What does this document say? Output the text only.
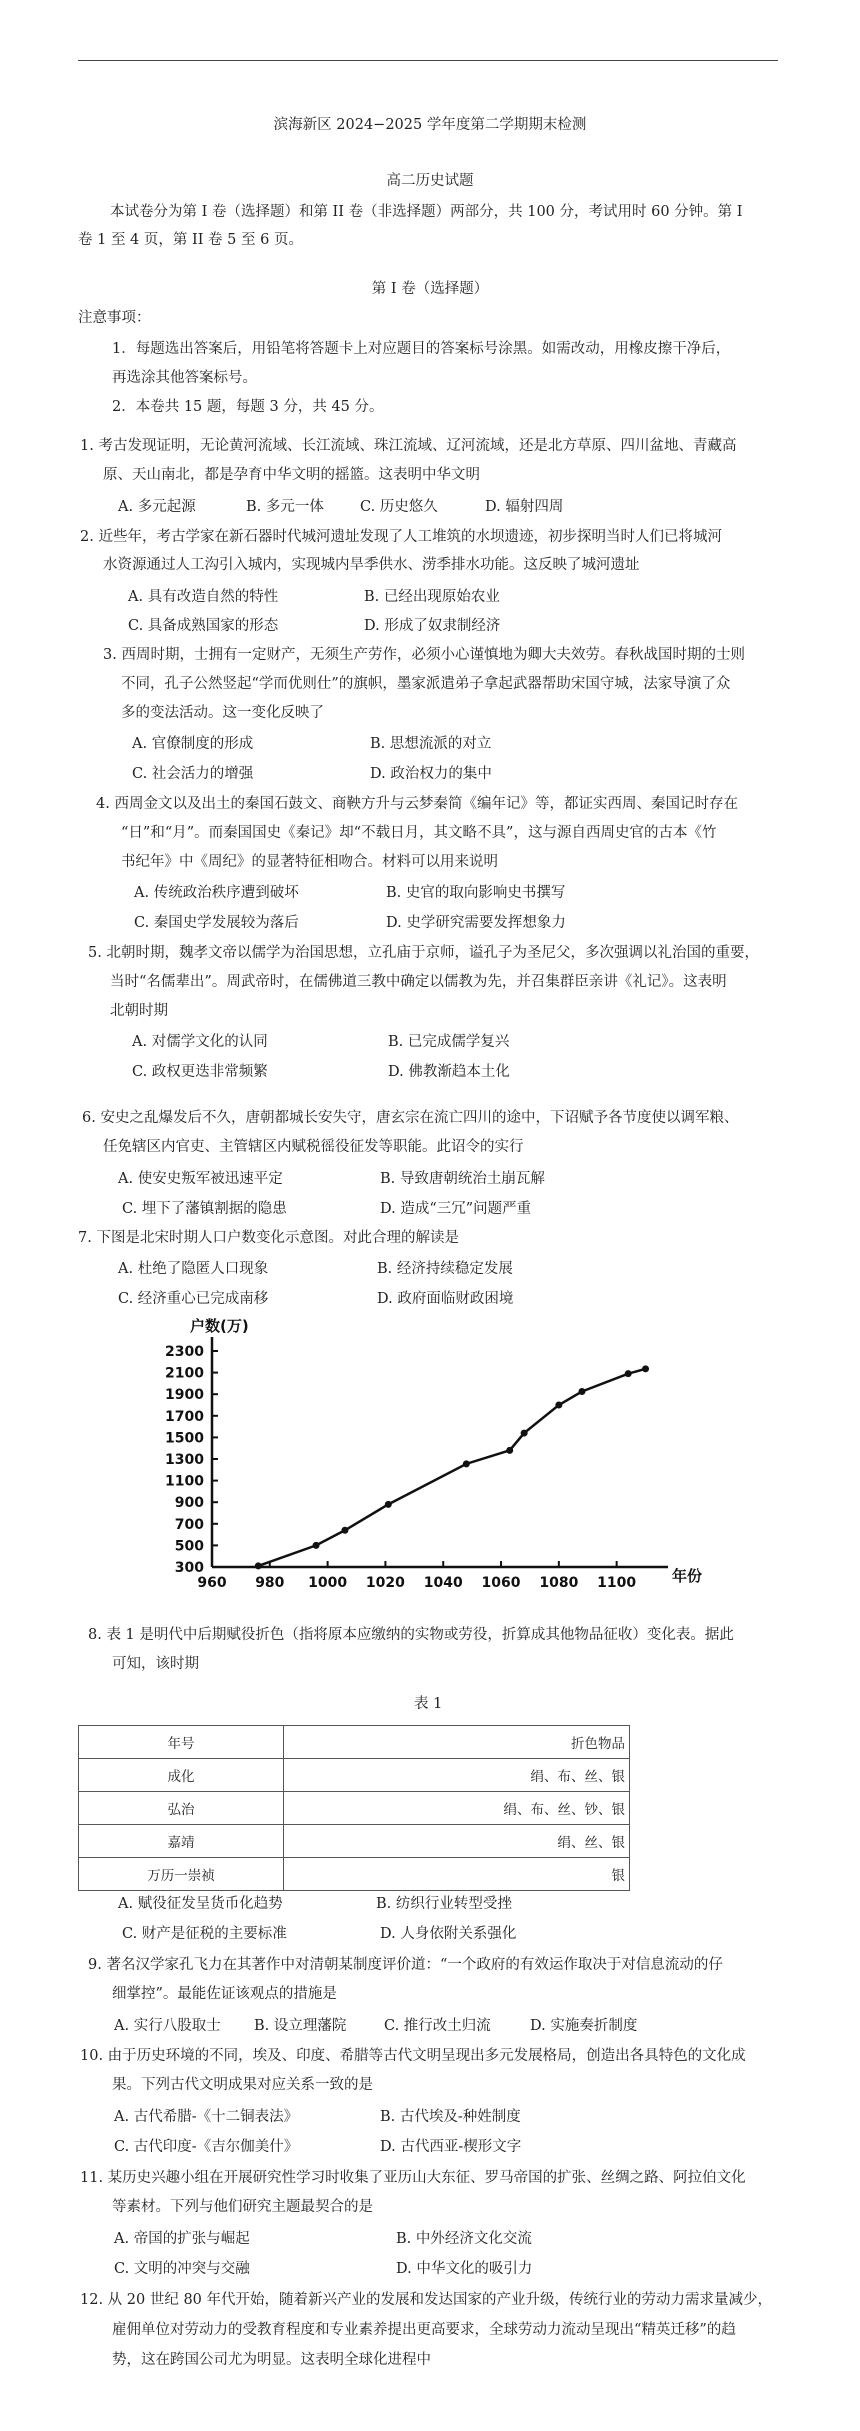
滨海新区 2024−2025 学年度第二学期期末检测
高二历史试题
本试卷分为第 I 卷（选择题）和第 II 卷（非选择题）两部分，共 100 分，考试用时 60 分钟。第 I
卷 1 至 4 页，第 II 卷 5 至 6 页。
第 I 卷（选择题）
注意事项：
1．每题选出答案后，用铅笔将答题卡上对应题目的答案标号涂黑。如需改动，用橡皮擦干净后，
再选涂其他答案标号。
2．本卷共 15 题，每题 3 分，共 45 分。
1. 考古发现证明，无论黄河流域、长江流域、珠江流域、辽河流域，还是北方草原、四川盆地、青藏高
原、天山南北，都是孕育中华文明的摇篮。这表明中华文明
A. 多元起源	B. 多元一体 C. 历史悠久	D. 辐射四周
2. 近些年，考古学家在新石器时代城河遗址发现了人工堆筑的水坝遗迹，初步探明当时人们已将城河
水资源通过人工沟引入城内，实现城内旱季供水、涝季排水功能。这反映了城河遗址
A. 具有改造自然的特性	B. 已经出现原始农业
C. 具备成熟国家的形态	D. 形成了奴隶制经济
3. 西周时期，士拥有一定财产，无须生产劳作，必须小心谨慎地为卿大夫效劳。春秋战国时期的士则
不同，孔子公然竖起“学而优则仕”的旗帜，墨家派遣弟子拿起武器帮助宋国守城，法家导演了众
多的变法活动。这一变化反映了
A. 官僚制度的形成	B. 思想流派的对立
C. 社会活力的增强	D. 政治权力的集中
4. 西周金文以及出土的秦国石鼓文、商鞅方升与云梦秦简《编年记》等，都证实西周、秦国记时存在
“日”和“月”。而秦国国史《秦记》却“不载日月，其文略不具”，这与源自西周史官的古本《竹
书纪年》中《周纪》的显著特征相吻合。材料可以用来说明
A. 传统政治秩序遭到破坏	B. 史官的取向影响史书撰写
C. 秦国史学发展较为落后	D. 史学研究需要发挥想象力
5. 北朝时期，魏孝文帝以儒学为治国思想，立孔庙于京师，谥孔子为圣尼父，多次强调以礼治国的重要，
当时“名儒辈出”。周武帝时，在儒佛道三教中确定以儒教为先，并召集群臣亲讲《礼记》。这表明
北朝时期
A. 对儒学文化的认同	B. 已完成儒学复兴
C. 政权更迭非常频繁	D. 佛教渐趋本土化
6. 安史之乱爆发后不久，唐朝都城长安失守，唐玄宗在流亡四川的途中，下诏赋予各节度使以调军粮、
任免辖区内官吏、主管辖区内赋税徭役征发等职能。此诏令的实行
A. 使安史叛军被迅速平定	B. 导致唐朝统治土崩瓦解
C. 埋下了藩镇割据的隐患	D. 造成“三冗”问题严重
7. 下图是北宋时期人口户数变化示意图。对此合理的解读是
A. 杜绝了隐匿人口现象	B. 经济持续稳定发展
C. 经济重心已完成南移	D. 政府面临财政困境
300
500
700
900
1100
1300
1500
1700
1900
2100
2300
960 980 1000 1020 1040 1060 1080 1100
户数(万)
年份
8. 表 1 是明代中后期赋役折色（指将原本应缴纳的实物或劳役，折算成其他物品征收）变化表。据此
可知，该时期
表 1
年号	折色物品
成化	绢、布、丝、银
弘治	绢、布、丝、钞、银
嘉靖	绢、丝、银
万历一崇祯	银
A. 赋役征发呈货币化趋势	B. 纺织行业转型受挫
C. 财产是征税的主要标准	D. 人身依附关系强化
9. 著名汉学家孔飞力在其著作中对清朝某制度评价道：“一个政府的有效运作取决于对信息流动的仔
细掌控”。最能佐证该观点的措施是
A. 实行八股取士 B. 设立理藩院	C. 推行改土归流	D. 实施奏折制度
10. 由于历史环境的不同，埃及、印度、希腊等古代文明呈现出多元发展格局，创造出各具特色的文化成
果。下列古代文明成果对应关系一致的是
A. 古代希腊-《十二铜表法》	B. 古代埃及-种姓制度
C. 古代印度-《吉尔伽美什》	D. 古代西亚-楔形文字
11. 某历史兴趣小组在开展研究性学习时收集了亚历山大东征、罗马帝国的扩张、丝绸之路、阿拉伯文化
等素材。下列与他们研究主题最契合的是
A. 帝国的扩张与崛起	B. 中外经济文化交流
C. 文明的冲突与交融	D. 中华文化的吸引力
12. 从 20 世纪 80 年代开始，随着新兴产业的发展和发达国家的产业升级，传统行业的劳动力需求量减少，
雇佣单位对劳动力的受教育程度和专业素养提出更高要求，全球劳动力流动呈现出“精英迁移”的趋
势，这在跨国公司尤为明显。这表明全球化进程中
